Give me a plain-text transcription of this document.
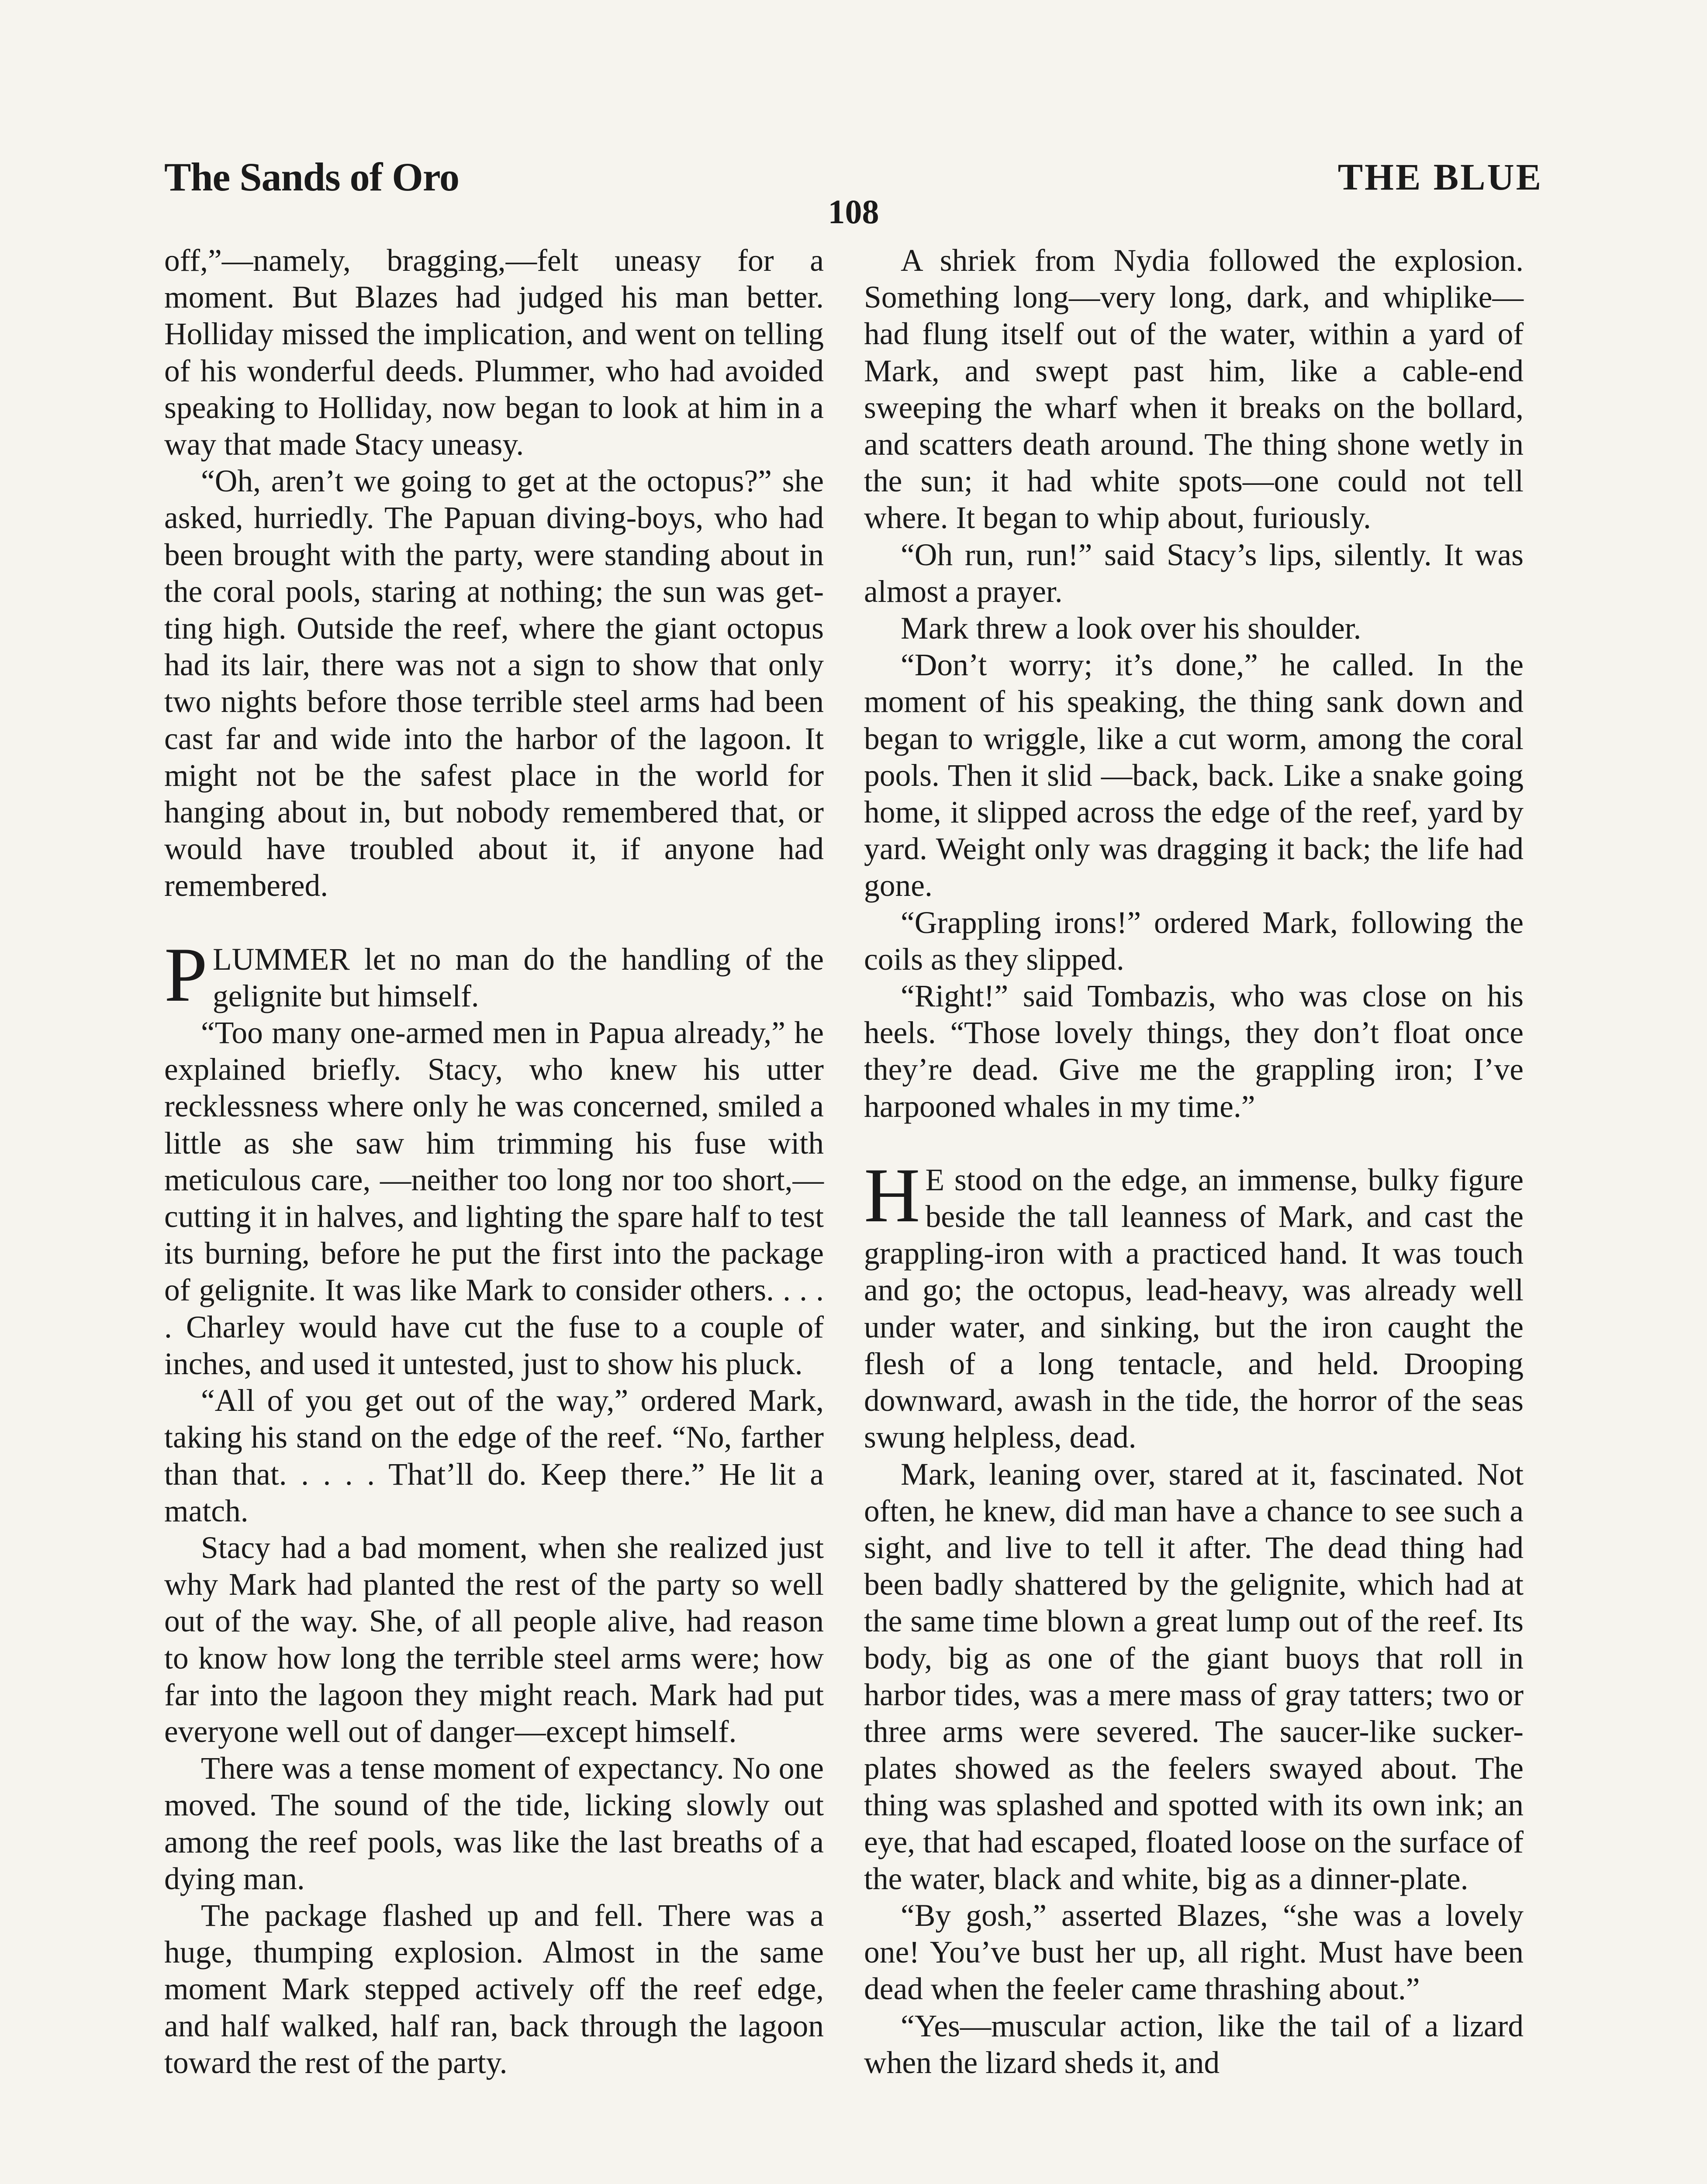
The Sands of Oro	THE BLUE
108

off,”—namely, bragging,—felt uneasy for a moment. But Blazes had judged his man better. Holliday missed the implication, and went on telling of his wonderful deeds. Plummer, who had avoided speaking to Holliday, now began to look at him in a way that made Stacy uneasy.

“Oh, aren’t we going to get at the octopus?” she asked, hurriedly. The Papuan diving-boys, who had been brought with the party, were standing about in the coral pools, staring at nothing; the sun was getting high. Outside the reef, where the giant octopus had its lair, there was not a sign to show that only two nights before those terrible steel arms had been cast far and wide into the harbor of the lagoon. It might not be the safest place in the world for hanging about in, but nobody remembered that, or would have troubled about it, if anyone had remembered.

PLUMMER let no man do the handling of the gelignite but himself.

“Too many one-armed men in Papua already,” he explained briefly. Stacy, who knew his utter recklessness where only he was concerned, smiled a little as she saw him trimming his fuse with meticulous care, —neither too long nor too short,—cutting it in halves, and lighting the spare half to test its burning, before he put the first into the package of gelignite. It was like Mark to consider others. . . . . Charley would have cut the fuse to a couple of inches, and used it untested, just to show his pluck.

“All of you get out of the way,” ordered Mark, taking his stand on the edge of the reef. “No, farther than that. . . . . That’ll do. Keep there.” He lit a match.

Stacy had a bad moment, when she realized just why Mark had planted the rest of the party so well out of the way. She, of all people alive, had reason to know how long the terrible steel arms were; how far into the lagoon they might reach. Mark had put everyone well out of danger—except himself.

There was a tense moment of expectancy. No one moved. The sound of the tide, licking slowly out among the reef pools, was like the last breaths of a dying man.

The package flashed up and fell. There was a huge, thumping explosion. Almost in the same moment Mark stepped actively off the reef edge, and half walked, half ran, back through the lagoon toward the rest of the party.

A shriek from Nydia followed the explosion. Something long—very long, dark, and whiplike—had flung itself out of the water, within a yard of Mark, and swept past him, like a cable-end sweeping the wharf when it breaks on the bollard, and scatters death around. The thing shone wetly in the sun; it had white spots—one could not tell where. It began to whip about, furiously.

“Oh run, run!” said Stacy’s lips, silently. It was almost a prayer.

Mark threw a look over his shoulder.

“Don’t worry; it’s done,” he called. In the moment of his speaking, the thing sank down and began to wriggle, like a cut worm, among the coral pools. Then it slid —back, back. Like a snake going home, it slipped across the edge of the reef, yard by yard. Weight only was dragging it back; the life had gone.

“Grappling irons!” ordered Mark, following the coils as they slipped.

“Right!” said Tombazis, who was close on his heels. “Those lovely things, they don’t float once they’re dead. Give me the grappling iron; I’ve harpooned whales in my time.”

H E stood on the edge, an immense, bulky figure beside the tall leanness of Mark, and cast the grappling-iron with a practiced hand. It was touch and go; the octopus, lead-heavy, was already well under water, and sinking, but the iron caught the flesh of a long tentacle, and held. Drooping downward, awash in the tide, the horror of the seas swung helpless, dead.

Mark, leaning over, stared at it, fascinated. Not often, he knew, did man have a chance to see such a sight, and live to tell it after. The dead thing had been badly shattered by the gelignite, which had at the same time blown a great lump out of the reef. Its body, big as one of the giant buoys that roll in harbor tides, was a mere mass of gray tatters; two or three arms were severed. The saucer-like sucker-plates showed as the feelers swayed about. The thing was splashed and spotted with its own ink; an eye, that had escaped, floated loose on the surface of the water, black and white, big as a dinner-plate.

“By gosh,” asserted Blazes, “she was a lovely one! You’ve bust her up, all right. Must have been dead when the feeler came thrashing about.”

“Yes—muscular action, like the tail of a lizard when the lizard sheds it, and
